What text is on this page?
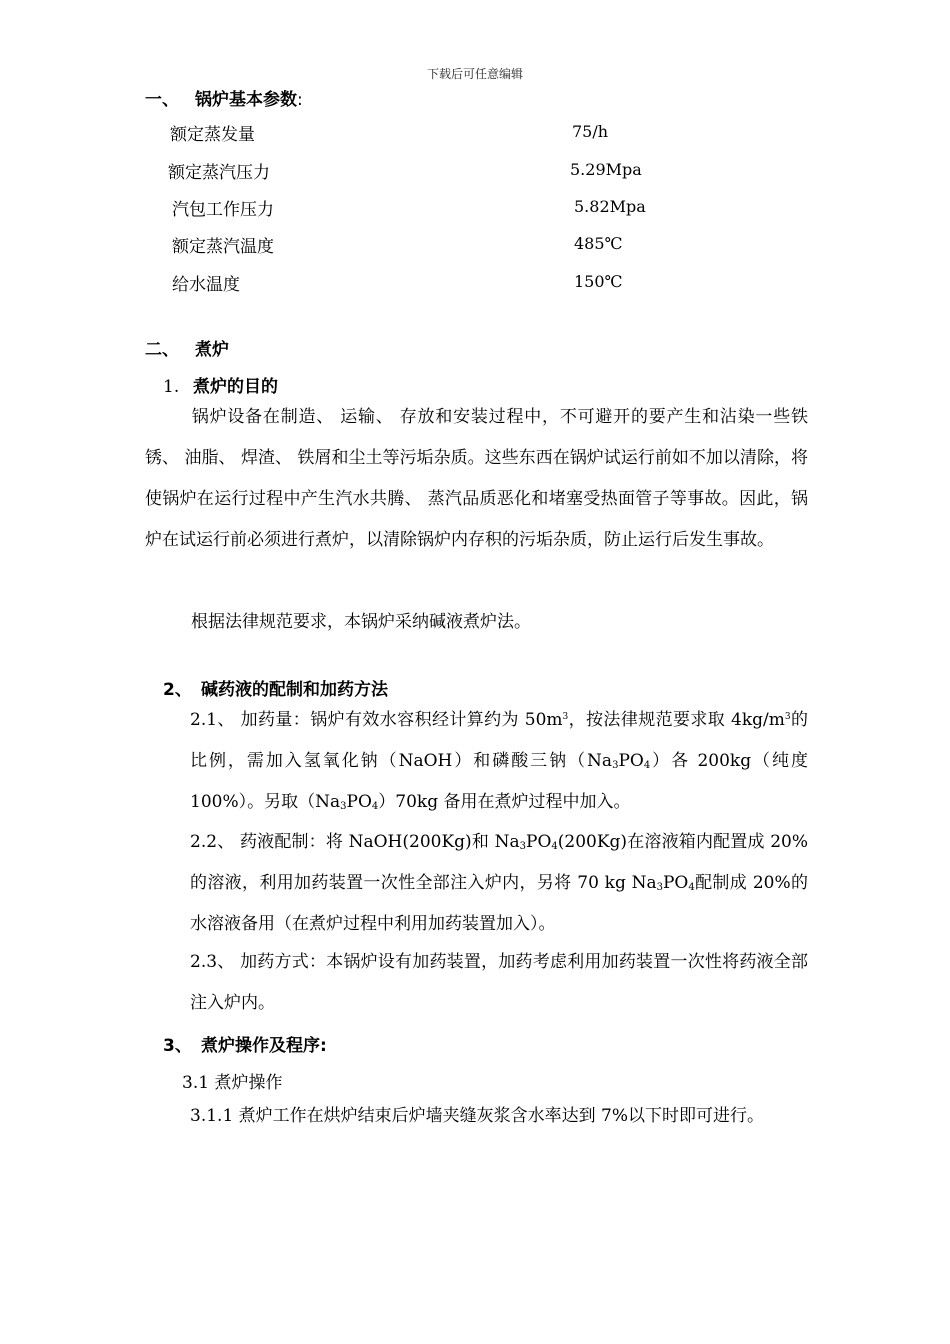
下载后可任意编辑
一、 锅炉基本参数:
额定蒸发量	75/h
额定蒸汽压力	5.29Mpa
汽包工作压力	5.82Mpa
额定蒸汽温度	485℃
给水温度	150℃
二、 煮炉
1. 煮炉的目的
锅炉设备在制造、 运输、 存放和安装过程中，不可避开的要产生和沾染一些铁锈、 油脂、 焊渣、 铁屑和尘土等污垢杂质。这些东西在锅炉试运行前如不加以清除，将使锅炉在运行过程中产生汽水共腾、 蒸汽品质恶化和堵塞受热面管子等事故。因此，锅炉在试运行前必须进行煮炉，以清除锅炉内存积的污垢杂质，防止运行后发生事故。
根据法律规范要求，本锅炉采纳碱液煮炉法。
2、 碱药液的配制和加药方法
2.1、 加药量：锅炉有效水容积经计算约为 $50m^3$，按法律规范要求取 $4kg/m^3$的比例，需加入氢氧化钠（NaOH）和磷酸三钠$(Na_3PO_4)$各 200kg（纯度 100%）。另取$(Na_3PO_4)70kg$ 备用在煮炉过程中加入。
2.2、 药液配制：将 NaOH(200Kg)和 $Na_3PO_4(200Kg)$在溶液箱内配置成 20%的溶液，利用加药装置一次性全部注入炉内，另将 70 kg $Na_3PO_4$配制成 20%的水溶液备用（在煮炉过程中利用加药装置加入）。
2.3、 加药方式：本锅炉设有加药装置，加药考虑利用加药装置一次性将药液全部注入炉内。
3、 煮炉操作及程序:
3.1 煮炉操作
3.1.1 煮炉工作在烘炉结束后炉墙夹缝灰浆含水率达到 7%以下时即可进行。
